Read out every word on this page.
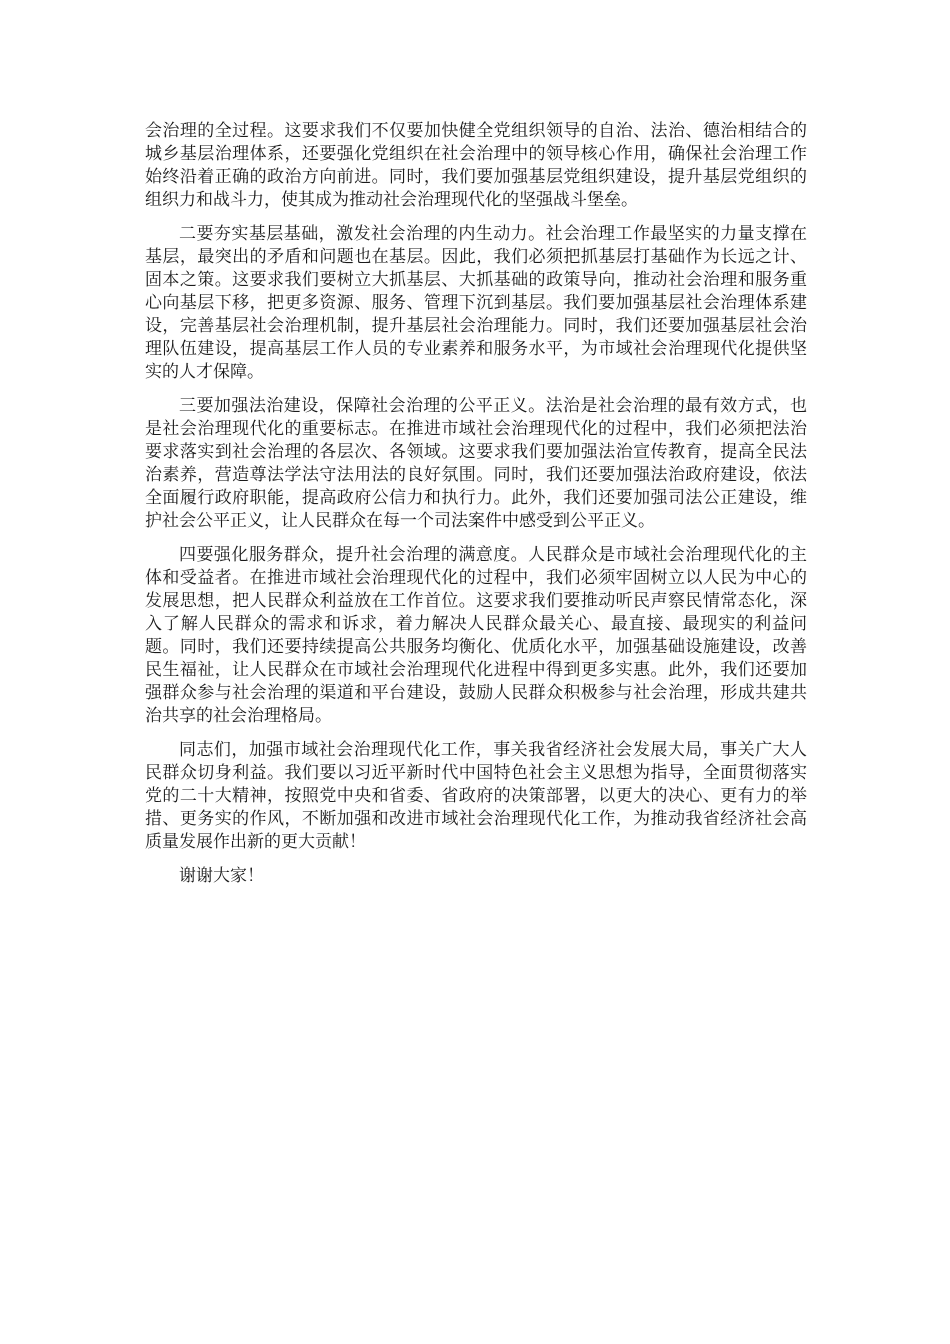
会治理的全过程。这要求我们不仅要加快健全党组织领导的自治、法治、德治相结合的城乡基层治理体系，还要强化党组织在社会治理中的领导核心作用，确保社会治理工作始终沿着正确的政治方向前进。同时，我们要加强基层党组织建设，提升基层党组织的组织力和战斗力，使其成为推动社会治理现代化的坚强战斗堡垒。

二要夯实基层基础，激发社会治理的内生动力。社会治理工作最坚实的力量支撑在基层，最突出的矛盾和问题也在基层。因此，我们必须把抓基层打基础作为长远之计、固本之策。这要求我们要树立大抓基层、大抓基础的政策导向，推动社会治理和服务重心向基层下移，把更多资源、服务、管理下沉到基层。我们要加强基层社会治理体系建设，完善基层社会治理机制，提升基层社会治理能力。同时，我们还要加强基层社会治理队伍建设，提高基层工作人员的专业素养和服务水平，为市域社会治理现代化提供坚实的人才保障。

三要加强法治建设，保障社会治理的公平正义。法治是社会治理的最有效方式，也是社会治理现代化的重要标志。在推进市域社会治理现代化的过程中，我们必须把法治要求落实到社会治理的各层次、各领域。这要求我们要加强法治宣传教育，提高全民法治素养，营造尊法学法守法用法的良好氛围。同时，我们还要加强法治政府建设，依法全面履行政府职能，提高政府公信力和执行力。此外，我们还要加强司法公正建设，维护社会公平正义，让人民群众在每一个司法案件中感受到公平正义。

四要强化服务群众，提升社会治理的满意度。人民群众是市域社会治理现代化的主体和受益者。在推进市域社会治理现代化的过程中，我们必须牢固树立以人民为中心的发展思想，把人民群众利益放在工作首位。这要求我们要推动听民声察民情常态化，深入了解人民群众的需求和诉求，着力解决人民群众最关心、最直接、最现实的利益问题。同时，我们还要持续提高公共服务均衡化、优质化水平，加强基础设施建设，改善民生福祉，让人民群众在市域社会治理现代化进程中得到更多实惠。此外，我们还要加强群众参与社会治理的渠道和平台建设，鼓励人民群众积极参与社会治理，形成共建共治共享的社会治理格局。

同志们，加强市域社会治理现代化工作，事关我省经济社会发展大局，事关广大人民群众切身利益。我们要以习近平新时代中国特色社会主义思想为指导，全面贯彻落实党的二十大精神，按照党中央和省委、省政府的决策部署，以更大的决心、更有力的举措、更务实的作风，不断加强和改进市域社会治理现代化工作，为推动我省经济社会高质量发展作出新的更大贡献！

谢谢大家！
